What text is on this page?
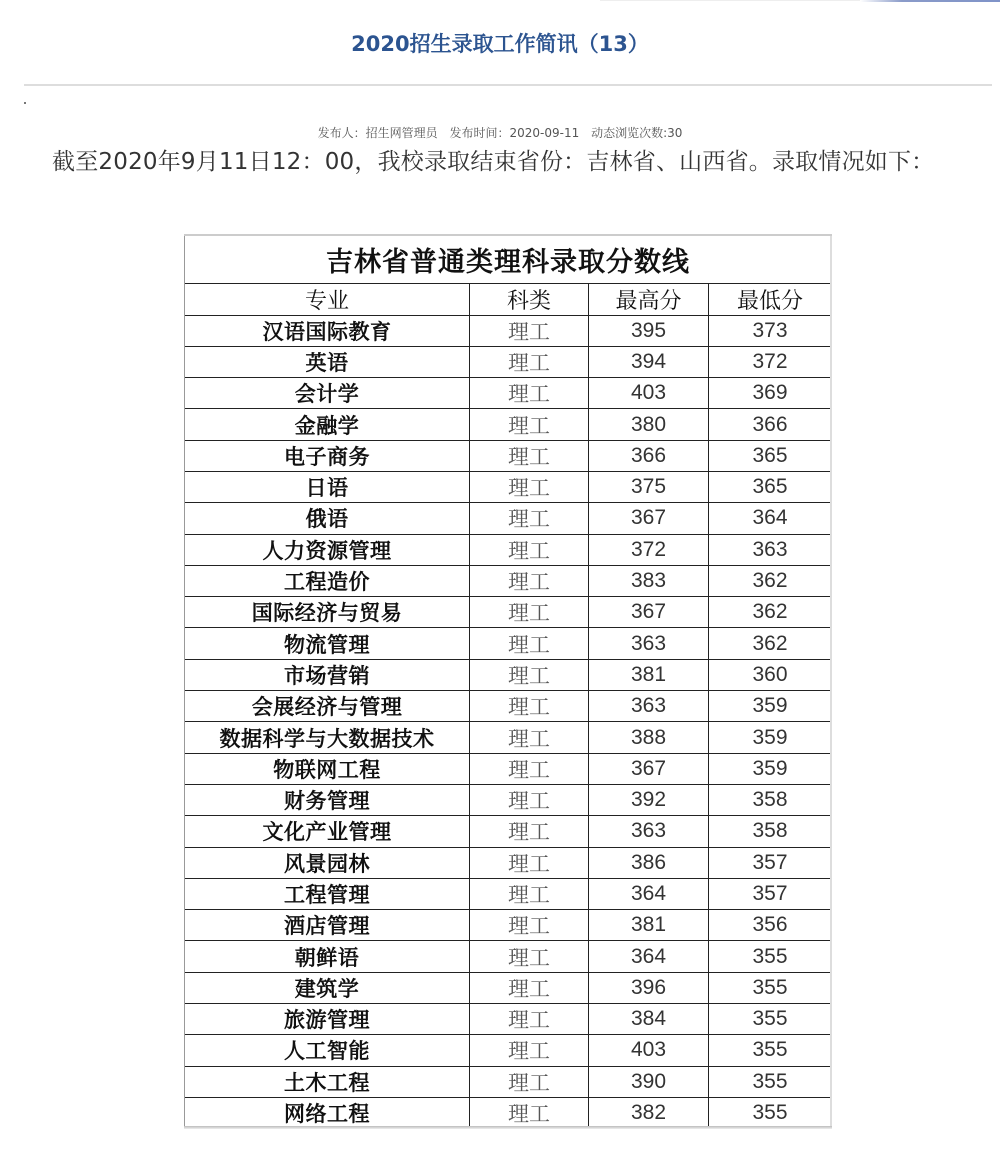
2020招生录取工作简讯（13）
发布人：招生网管理员 发布时间：2020-09-11 动态浏览次数:30

截至2020年9月11日12：00，我校录取结束省份：吉林省、山西省。录取情况如下：

吉林省普通类理科录取分数线			
专业	科类	最高分	最低分
汉语国际教育	理工	395	373
英语	理工	394	372
会计学	理工	403	369
金融学	理工	380	366
电子商务	理工	366	365
日语	理工	375	365
俄语	理工	367	364
人力资源管理	理工	372	363
工程造价	理工	383	362
国际经济与贸易	理工	367	362
物流管理	理工	363	362
市场营销	理工	381	360
会展经济与管理	理工	363	359
数据科学与大数据技术	理工	388	359
物联网工程	理工	367	359
财务管理	理工	392	358
文化产业管理	理工	363	358
风景园林	理工	386	357
工程管理	理工	364	357
酒店管理	理工	381	356
朝鲜语	理工	364	355
建筑学	理工	396	355
旅游管理	理工	384	355
人工智能	理工	403	355
土木工程	理工	390	355
网络工程	理工	382	355
